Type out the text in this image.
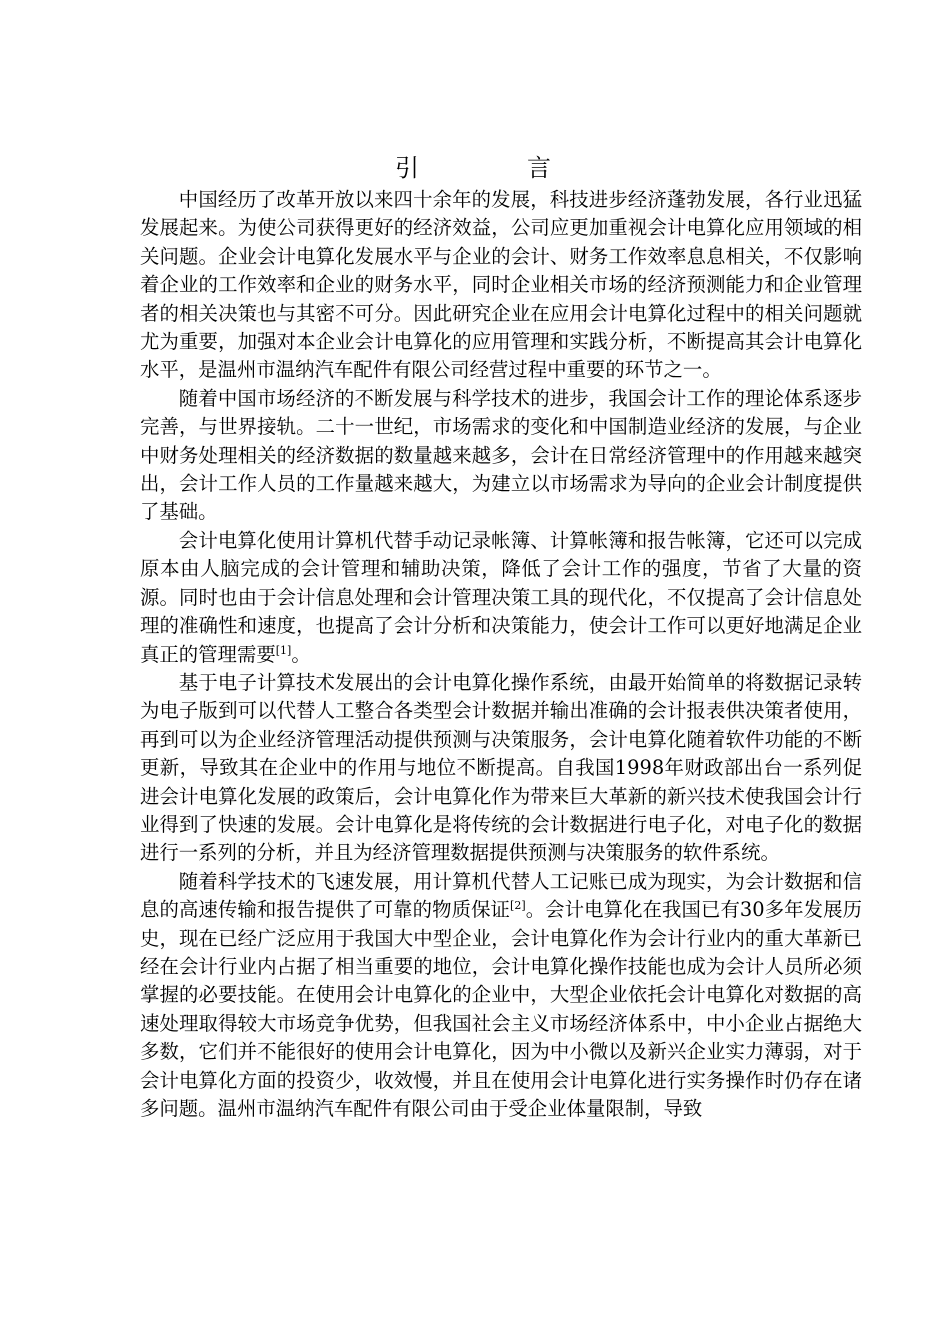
引　言

中国经历了改革开放以来四十余年的发展，科技进步经济蓬勃发展，各行业迅猛发展起来。为使公司获得更好的经济效益，公司应更加重视会计电算化应用领域的相关问题。企业会计电算化发展水平与企业的会计、财务工作效率息息相关，不仅影响着企业的工作效率和企业的财务水平，同时企业相关市场的经济预测能力和企业管理者的相关决策也与其密不可分。因此研究企业在应用会计电算化过程中的相关问题就尤为重要，加强对本企业会计电算化的应用管理和实践分析，不断提高其会计电算化水平，是温州市温纳汽车配件有限公司经营过程中重要的环节之一。

随着中国市场经济的不断发展与科学技术的进步，我国会计工作的理论体系逐步完善，与世界接轨。二十一世纪，市场需求的变化和中国制造业经济的发展，与企业中财务处理相关的经济数据的数量越来越多，会计在日常经济管理中的作用越来越突出，会计工作人员的工作量越来越大，为建立以市场需求为导向的企业会计制度提供了基础。

会计电算化使用计算机代替手动记录帐簿、计算帐簿和报告帐簿，它还可以完成原本由人脑完成的会计管理和辅助决策，降低了会计工作的强度，节省了大量的资源。同时也由于会计信息处理和会计管理决策工具的现代化，不仅提高了会计信息处理的准确性和速度，也提高了会计分析和决策能力，使会计工作可以更好地满足企业真正的管理需要[1]。

基于电子计算技术发展出的会计电算化操作系统，由最开始简单的将数据记录转为电子版到可以代替人工整合各类型会计数据并输出准确的会计报表供决策者使用，再到可以为企业经济管理活动提供预测与决策服务，会计电算化随着软件功能的不断更新，导致其在企业中的作用与地位不断提高。自我国1998年财政部出台一系列促进会计电算化发展的政策后，会计电算化作为带来巨大革新的新兴技术使我国会计行业得到了快速的发展。会计电算化是将传统的会计数据进行电子化，对电子化的数据进行一系列的分析，并且为经济管理数据提供预测与决策服务的软件系统。

随着科学技术的飞速发展，用计算机代替人工记账已成为现实，为会计数据和信息的高速传输和报告提供了可靠的物质保证[2]。会计电算化在我国已有30多年发展历史，现在已经广泛应用于我国大中型企业，会计电算化作为会计行业内的重大革新已经在会计行业内占据了相当重要的地位，会计电算化操作技能也成为会计人员所必须掌握的必要技能。在使用会计电算化的企业中，大型企业依托会计电算化对数据的高速处理取得较大市场竞争优势，但我国社会主义市场经济体系中，中小企业占据绝大多数，它们并不能很好的使用会计电算化，因为中小微以及新兴企业实力薄弱，对于会计电算化方面的投资少，收效慢，并且在使用会计电算化进行实务操作时仍存在诸多问题。温州市温纳汽车配件有限公司由于受企业体量限制，导致
